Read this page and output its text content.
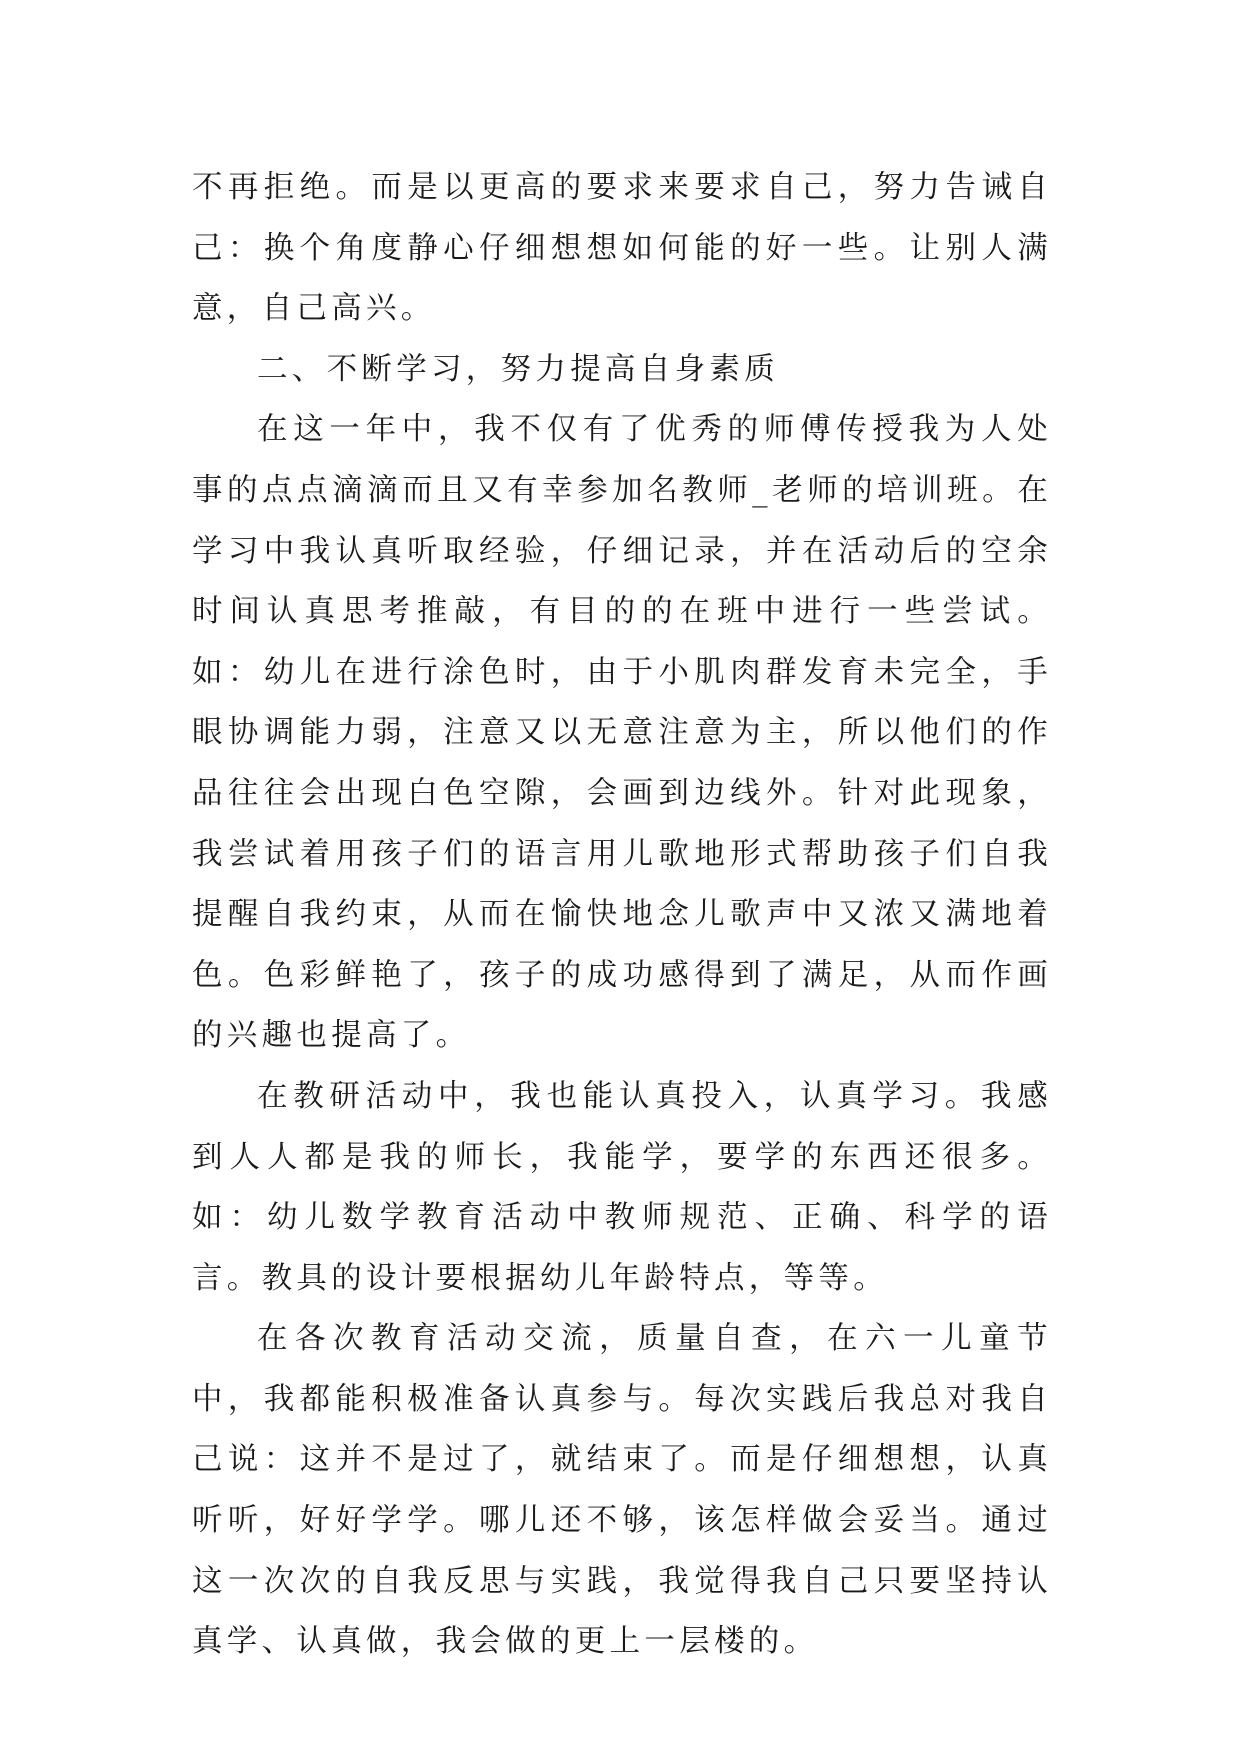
不再拒绝。而是以更高的要求来要求自己，努力告诫自己：换个角度静心仔细想想如何能的好一些。让别人满意，自己高兴。

二、不断学习，努力提高自身素质

在这一年中，我不仅有了优秀的师傅传授我为人处事的点点滴滴而且又有幸参加名教师_老师的培训班。在学习中我认真听取经验，仔细记录，并在活动后的空余时间认真思考推敲，有目的的在班中进行一些尝试。如：幼儿在进行涂色时，由于小肌肉群发育未完全，手眼协调能力弱，注意又以无意注意为主，所以他们的作品往往会出现白色空隙，会画到边线外。针对此现象，我尝试着用孩子们的语言用儿歌地形式帮助孩子们自我提醒自我约束，从而在愉快地念儿歌声中又浓又满地着色。色彩鲜艳了，孩子的成功感得到了满足，从而作画的兴趣也提高了。

在教研活动中，我也能认真投入，认真学习。我感到人人都是我的师长，我能学，要学的东西还很多。如：幼儿数学教育活动中教师规范、正确、科学的语言。教具的设计要根据幼儿年龄特点，等等。

在各次教育活动交流，质量自查，在六一儿童节中，我都能积极准备认真参与。每次实践后我总对我自己说：这并不是过了，就结束了。而是仔细想想，认真听听，好好学学。哪儿还不够，该怎样做会妥当。通过这一次次的自我反思与实践，我觉得我自己只要坚持认真学、认真做，我会做的更上一层楼的。
